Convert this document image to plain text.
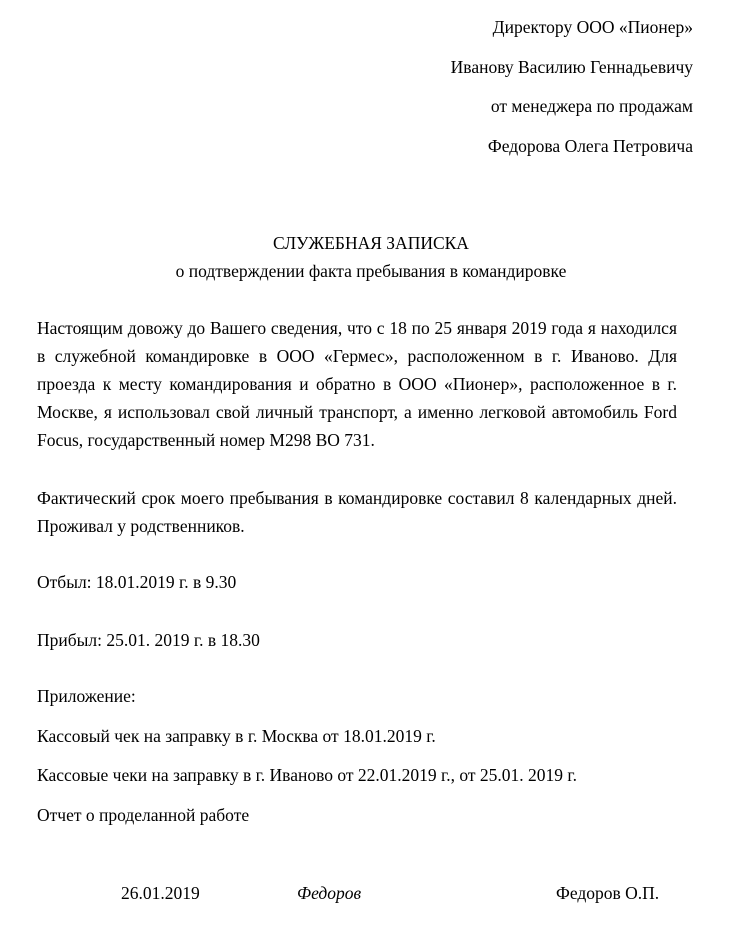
Директору ООО «Пионер»
Иванову Василию Геннадьевичу
от менеджера по продажам
Федорова Олега Петровича
СЛУЖЕБНАЯ ЗАПИСКА
о подтверждении факта пребывания в командировке
Настоящим довожу до Вашего сведения, что с 18 по 25 января 2019 года я находился в служебной командировке в ООО «Гермес», расположенном в г. Иваново. Для проезда к месту командирования и обратно в ООО «Пионер», расположенное в г. Москве, я использовал свой личный транспорт, а именно легковой автомобиль Ford Focus, государственный номер М298 ВО 731.
Фактический срок моего пребывания в командировке составил 8 календарных дней. Проживал у родственников.
Отбыл: 18.01.2019 г. в 9.30
Прибыл: 25.01. 2019 г. в 18.30
Приложение:
Кассовый чек на заправку в г. Москва от 18.01.2019 г.
Кассовые чеки на заправку в г. Иваново от 22.01.2019 г., от 25.01. 2019 г.
Отчет о проделанной работе
26.01.2019	Федоров	Федоров О.П.
